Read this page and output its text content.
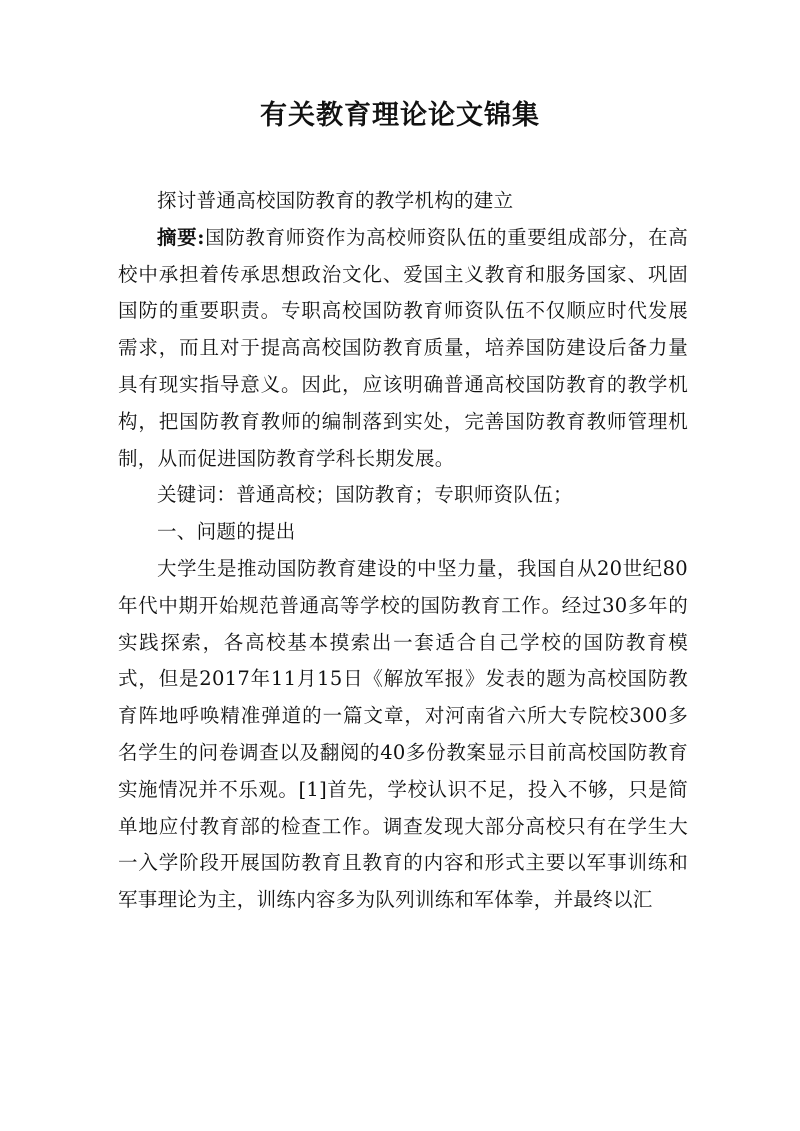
有关教育理论论文锦集

探讨普通高校国防教育的教学机构的建立

摘要:国防教育师资作为高校师资队伍的重要组成部分，在高校中承担着传承思想政治文化、爱国主义教育和服务国家、巩固国防的重要职责。专职高校国防教育师资队伍不仅顺应时代发展需求，而且对于提高高校国防教育质量，培养国防建设后备力量具有现实指导意义。因此，应该明确普通高校国防教育的教学机构，把国防教育教师的编制落到实处，完善国防教育教师管理机制，从而促进国防教育学科长期发展。

关键词：普通高校；国防教育；专职师资队伍；

一、问题的提出

大学生是推动国防教育建设的中坚力量，我国自从20世纪80年代中期开始规范普通高等学校的国防教育工作。经过30多年的实践探索，各高校基本摸索出一套适合自己学校的国防教育模式，但是2017年11月15日《解放军报》发表的题为高校国防教育阵地呼唤精准弹道的一篇文章，对河南省六所大专院校300多名学生的问卷调查以及翻阅的40多份教案显示目前高校国防教育实施情况并不乐观。[1]首先，学校认识不足，投入不够，只是简单地应付教育部的检查工作。调查发现大部分高校只有在学生大一入学阶段开展国防教育且教育的内容和形式主要以军事训练和军事理论为主，训练内容多为队列训练和军体拳，并最终以汇
